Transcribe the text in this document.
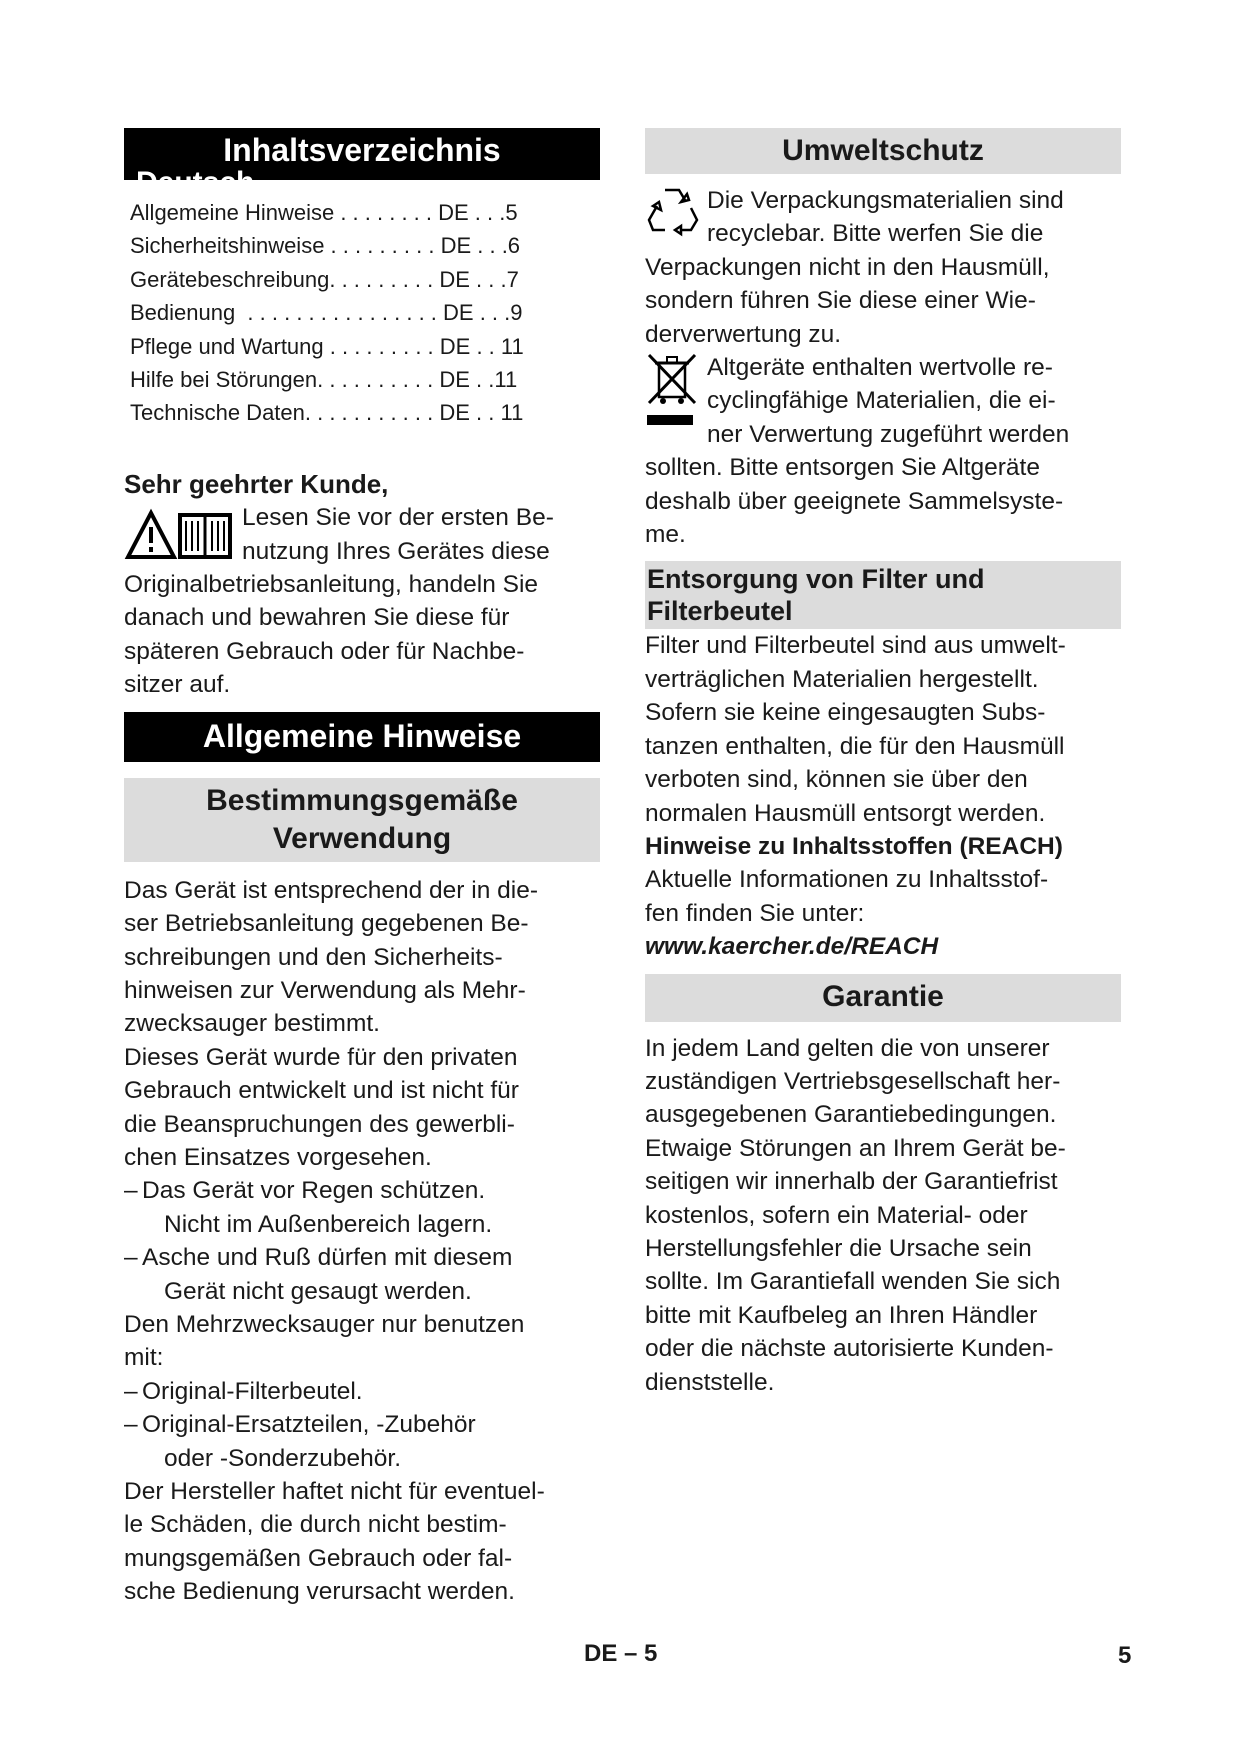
Inhaltsverzeichnis
Deutsch
Allgemeine Hinweise . . . . . . . . DE . . .5
Sicherheitshinweise . . . . . . . . . DE . . .6
Gerätebeschreibung. . . . . . . . . DE . . .7
Bedienung  . . . . . . . . . . . . . . . . DE . . .9
Pflege und Wartung . . . . . . . . . DE . . 11
Hilfe bei Störungen. . . . . . . . . . DE . .11
Technische Daten. . . . . . . . . . . DE . . 11
Sehr geehrter Kunde,
Lesen Sie vor der ersten Be-
nutzung Ihres Gerätes diese
Originalbetriebsanleitung, handeln Sie
danach und bewahren Sie diese für
späteren Gebrauch oder für Nachbe-
sitzer auf.
Allgemeine Hinweise
Bestimmungsgemäße
Verwendung
Das Gerät ist entsprechend der in die-
ser Betriebsanleitung gegebenen Be-
schreibungen und den Sicherheits-
hinweisen zur Verwendung als Mehr-
zwecksauger bestimmt.
Dieses Gerät wurde für den privaten
Gebrauch entwickelt und ist nicht für
die Beanspruchungen des gewerbli-
chen Einsatzes vorgesehen.
– Das Gerät vor Regen schützen.
Nicht im Außenbereich lagern.
– Asche und Ruß dürfen mit diesem
Gerät nicht gesaugt werden.
Den Mehrzwecksauger nur benutzen
mit:
– Original-Filterbeutel.
– Original-Ersatzteilen, -Zubehör
oder -Sonderzubehör.
Der Hersteller haftet nicht für eventuel-
le Schäden, die durch nicht bestim-
mungsgemäßen Gebrauch oder fal-
sche Bedienung verursacht werden.
Umweltschutz
Die Verpackungsmaterialien sind
recyclebar. Bitte werfen Sie die
Verpackungen nicht in den Hausmüll,
sondern führen Sie diese einer Wie-
derverwertung zu.
Altgeräte enthalten wertvolle re-
cyclingfähige Materialien, die ei-
ner Verwertung zugeführt werden
sollten. Bitte entsorgen Sie Altgeräte
deshalb über geeignete Sammelsyste-
me.
Entsorgung von Filter und
Filterbeutel
Filter und Filterbeutel sind aus umwelt-
verträglichen Materialien hergestellt.
Sofern sie keine eingesaugten Subs-
tanzen enthalten, die für den Hausmüll
verboten sind, können sie über den
normalen Hausmüll entsorgt werden.
Hinweise zu Inhaltsstoffen (REACH)
Aktuelle Informationen zu Inhaltsstof-
fen finden Sie unter:
www.kaercher.de/REACH
Garantie
In jedem Land gelten die von unserer
zuständigen Vertriebsgesellschaft her-
ausgegebenen Garantiebedingungen.
Etwaige Störungen an Ihrem Gerät be-
seitigen wir innerhalb der Garantiefrist
kostenlos, sofern ein Material- oder
Herstellungsfehler die Ursache sein
sollte. Im Garantiefall wenden Sie sich
bitte mit Kaufbeleg an Ihren Händler
oder die nächste autorisierte Kunden-
dienststelle.
DE – 5	5
